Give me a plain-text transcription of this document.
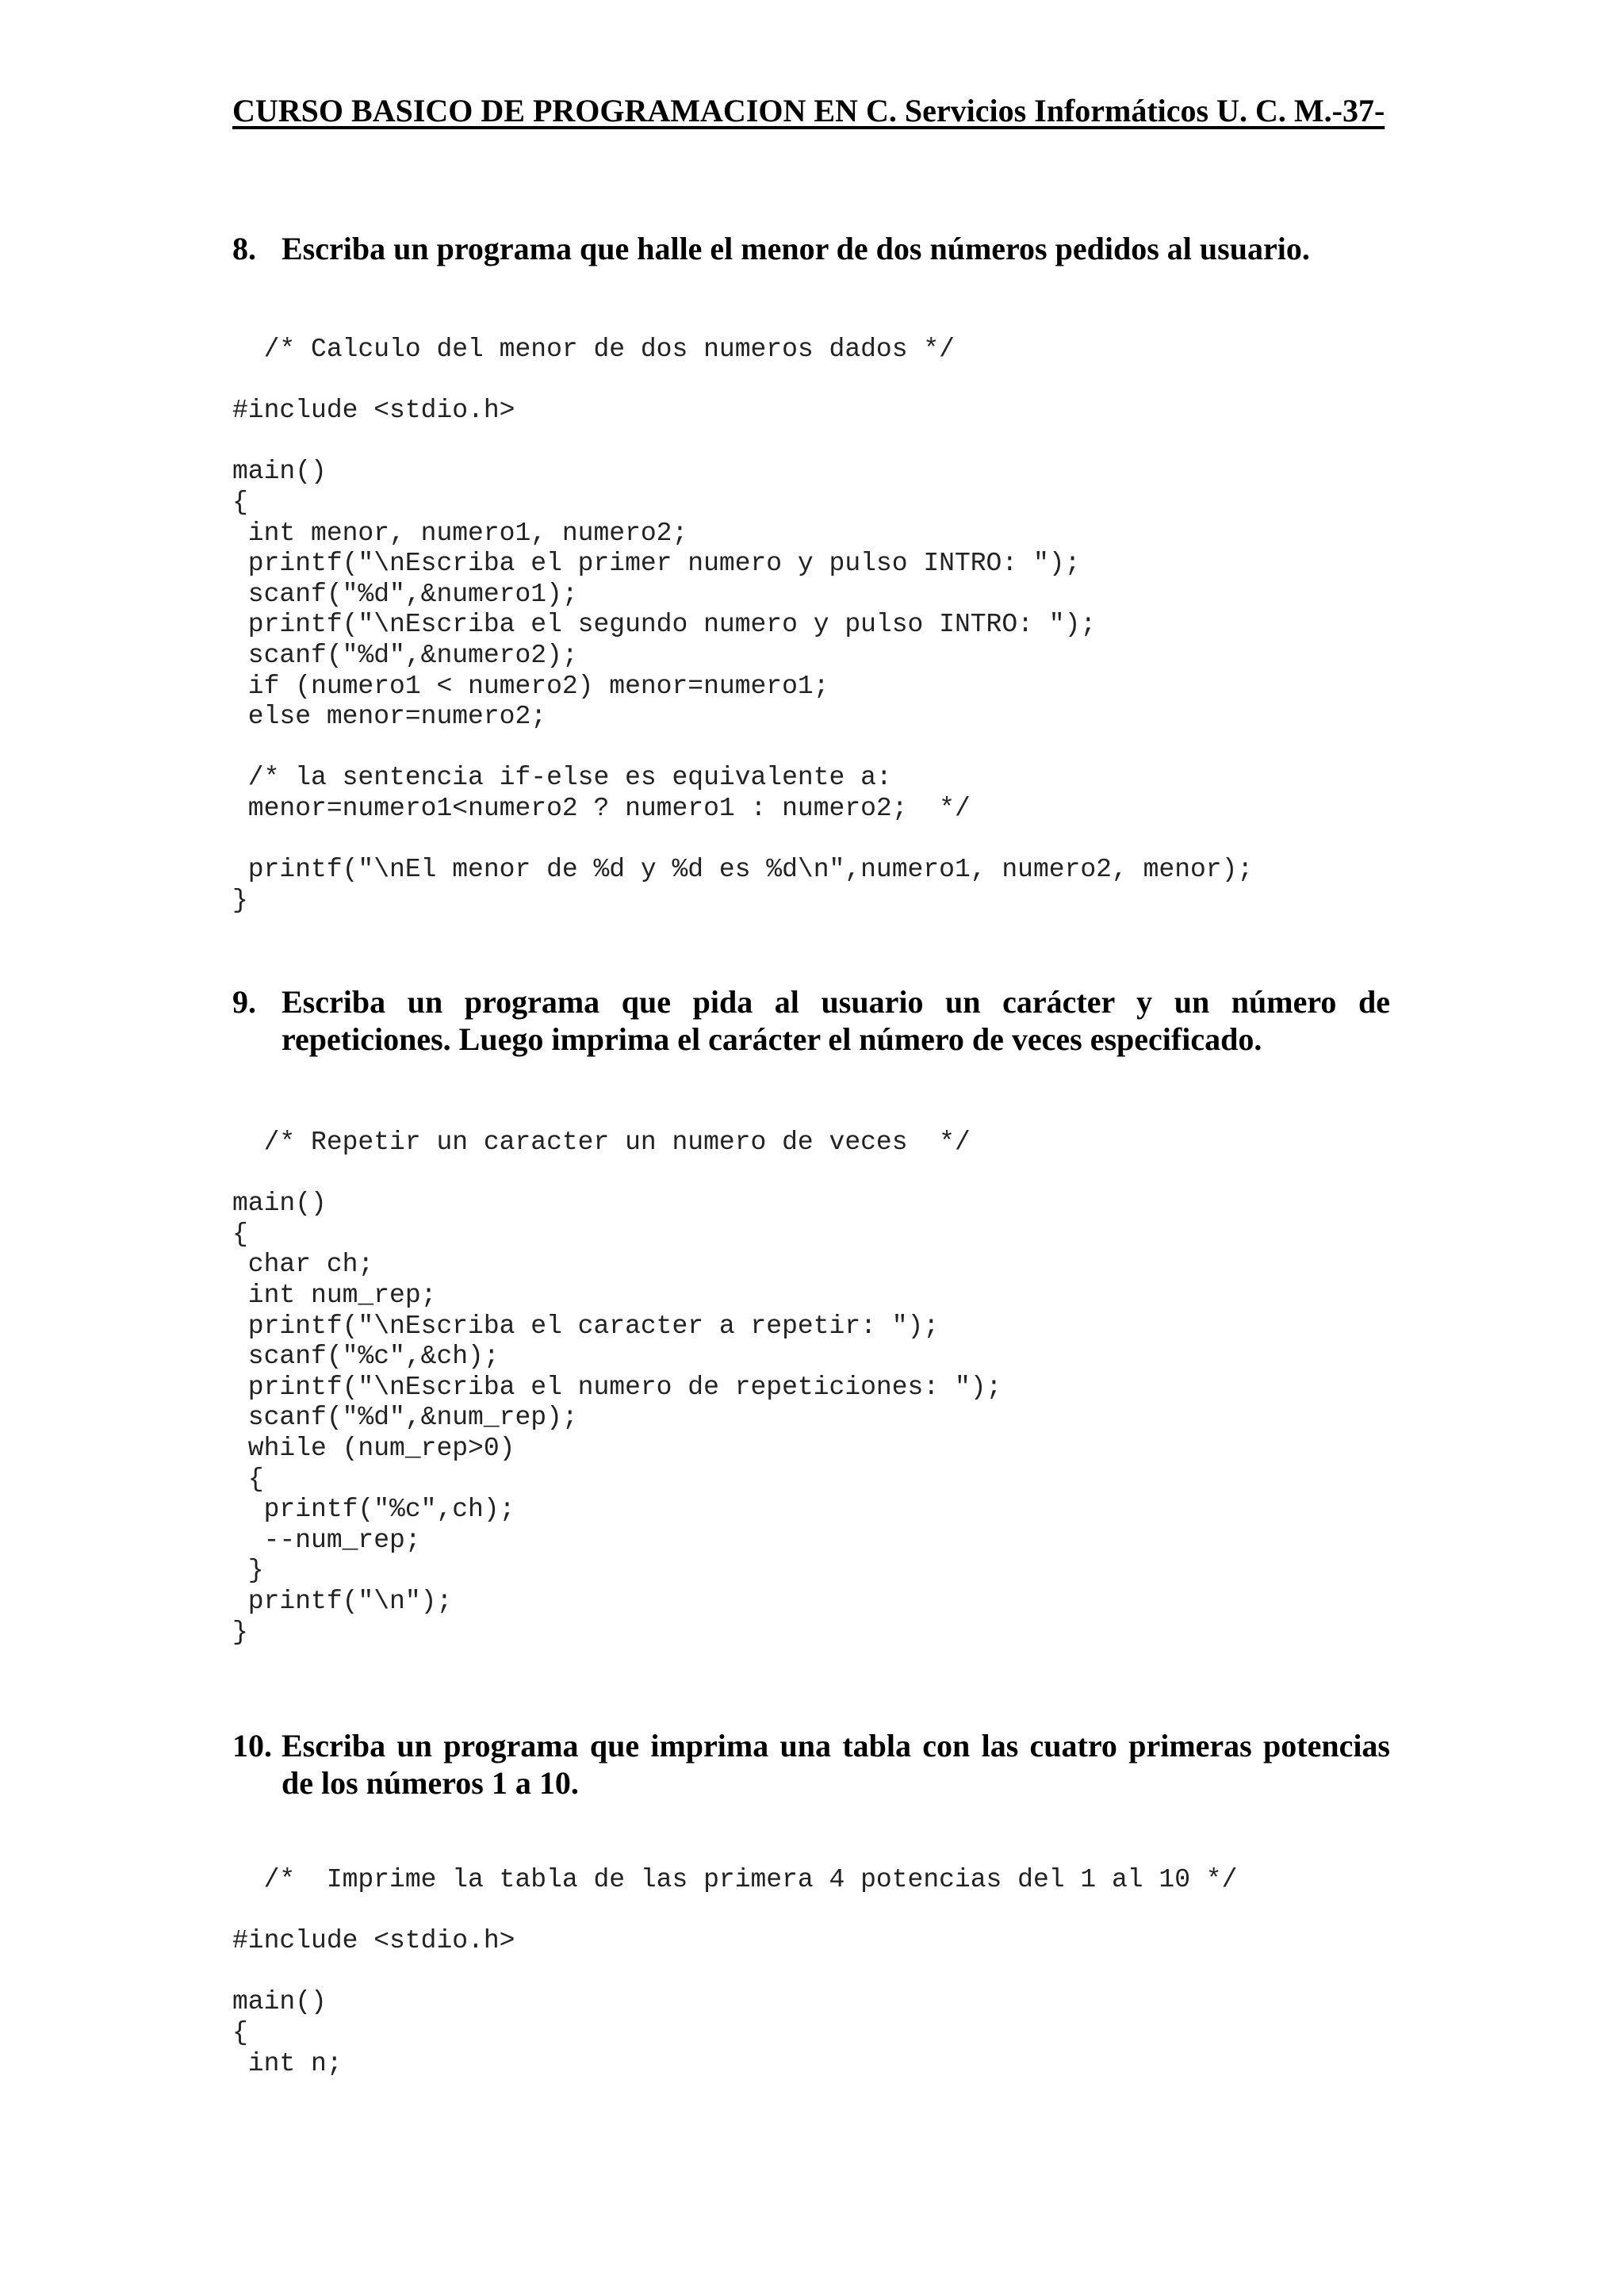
CURSO BASICO DE PROGRAMACION EN C. Servicios Informáticos U. C. M.-37-
8. Escriba un programa que halle el menor de dos números pedidos al usuario.
/* Calculo del menor de dos numeros dados */

#include <stdio.h>

main()
{
int menor, numero1, numero2;
printf("\nEscriba el primer numero y pulso INTRO: ");
scanf("%d",&numero1);
printf("\nEscriba el segundo numero y pulso INTRO: ");
scanf("%d",&numero2);
if (numero1 < numero2) menor=numero1;
else menor=numero2;

/* la sentencia if-else es equivalente a:
menor=numero1<numero2 ? numero1 : numero2;  */

printf("\nEl menor de %d y %d es %d\n",numero1, numero2, menor);
}
9. Escriba un programa que pida al usuario un carácter y un número de repeticiones. Luego imprima el carácter el número de veces especificado.
/* Repetir un caracter un numero de veces  */

main()
{
char ch;
int num_rep;
printf("\nEscriba el caracter a repetir: ");
scanf("%c",&ch);
printf("\nEscriba el numero de repeticiones: ");
scanf("%d",&num_rep);
while (num_rep>0)
{
printf("%c",ch);
--num_rep;
}
printf("\n");
}
10. Escriba un programa que imprima una tabla con las cuatro primeras potencias de los números 1 a 10.
/*  Imprime la tabla de las primera 4 potencias del 1 al 10 */

#include <stdio.h>

main()
{
int n;
